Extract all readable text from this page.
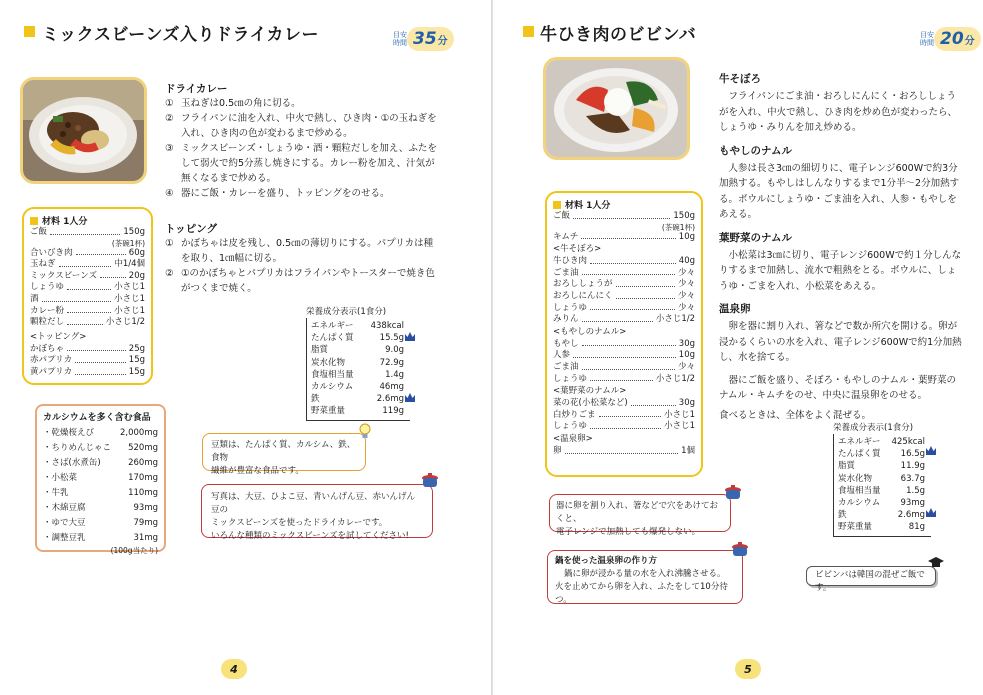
ミックスビーンズ入りドライカレー	目安時間 35 分
ドライカレー
① 玉ねぎは0.5㎝の角に切る。
② フライパンに油を入れ、中火で熱し、ひき肉・①の玉ねぎを入れ、ひき肉の色が変わるまで炒める。
③ ミックスビーンズ・しょうゆ・酒・顆粒だしを加え、ふたをして弱火で約5分蒸し焼きにする。カレー粉を加え、汁気が無くなるまで炒める。
④ 器にご飯・カレーを盛り、トッピングをのせる。
トッピング
① かぼちゃは皮を残し、0.5㎝の薄切りにする。パプリカは種を取り、1㎝幅に切る。
② ①のかぼちゃとパプリカはフライパンやトースターで焼き色がつくまで焼く。
材料 1人分
ご飯	150g
(茶碗1杯)
合いびき肉	60g
玉ねぎ	中1/4個
ミックスビーンズ	20g
しょうゆ	小さじ1
酒	小さじ1
カレー粉	小さじ1
顆粒だし	小さじ1/2
<トッピング>
かぼちゃ	25g
赤パプリカ	15g
黄パプリカ	15g
栄養成分表示(1食分)
エネルギー	438kcal
たんぱく質	15.5g
脂質	9.0g
炭水化物	72.9g
食塩相当量	1.4g
カルシウム	46mg
鉄	2.6mg
野菜重量	119g
カルシウムを多く含む食品
・乾燥桜えび	2,000mg
・ちりめんじゃこ 520mg
・さば(水煮缶)	260mg
・小松菜	170mg
・牛乳	110mg
・木綿豆腐	93mg
・ゆで大豆	79mg
・調整豆乳	31mg
(100g当たり)
豆類は、たんぱく質、カルシム、鉄、食物
繊維が豊富な食品です。
写真は、大豆、ひよこ豆、青いんげん豆、赤いんげん豆の
ミックスビーンズを使ったドライカレーです。
いろんな種類のミックスビーンズを試してください!
4
牛ひき肉のビビンバ	目安時間 20 分
牛そぼろ
フライパンにごま油・おろしにんにく・おろししょうがを入れ、中火で熱し、ひき肉を炒め色が変わったら、しょうゆ・みりんを加え炒める。
もやしのナムル
人参は長さ3㎝の細切りに、電子レンジ600Wで約3分加熱する。もやしはしんなりするまで1分半～2分加熱する。ボウルにしょうゆ・ごま油を入れ、人参・もやしをあえる。
葉野菜のナムル
小松菜は3㎝に切り、電子レンジ600Wで約１分しんなりするまで加熱し、流水で粗熱をとる。ボウルに、しょうゆ・ごまを入れ、小松菜をあえる。
温泉卵
卵を器に割り入れ、箸などで数か所穴を開ける。卵が浸かるくらいの水を入れ、電子レンジ600Wで約1分加熱し、水を捨てる。
器にご飯を盛り、そぼろ・もやしのナムル・葉野菜のナムル・キムチをのせ、中央に温泉卵をのせる。
食べるときは、全体をよく混ぜる。
材料 1人分
ご飯	150g
(茶碗1杯)
キムチ	10g
<牛そぼろ>
牛ひき肉	40g
ごま油	少々
おろししょうが	少々
おろしにんにく	少々
しょうゆ	少々
みりん	小さじ1/2
<もやしのナムル>
もやし	30g
人参	10g
ごま油	少々
しょうゆ	小さじ1/2
<葉野菜のナムル>
菜の花(小松菜など)	30g
白炒りごま	小さじ1
しょうゆ	小さじ1
<温泉卵>
卵	1個
栄養成分表示(1食分)
エネルギー	425kcal
たんぱく質	16.5g
脂質	11.9g
炭水化物	63.7g
食塩相当量	1.5g
カルシウム	93mg
鉄	2.6mg
野菜重量	81g
器に卵を割り入れ、箸などで穴をあけておくと、
電子レンジで加熱しても爆発しない。
鍋を使った温泉卵の作り方
鍋に卵が浸かる量の水を入れ沸騰させる。
火を止めてから卵を入れ、ふたをして10分待つ。
ビビンバは韓国の混ぜご飯です。
5
